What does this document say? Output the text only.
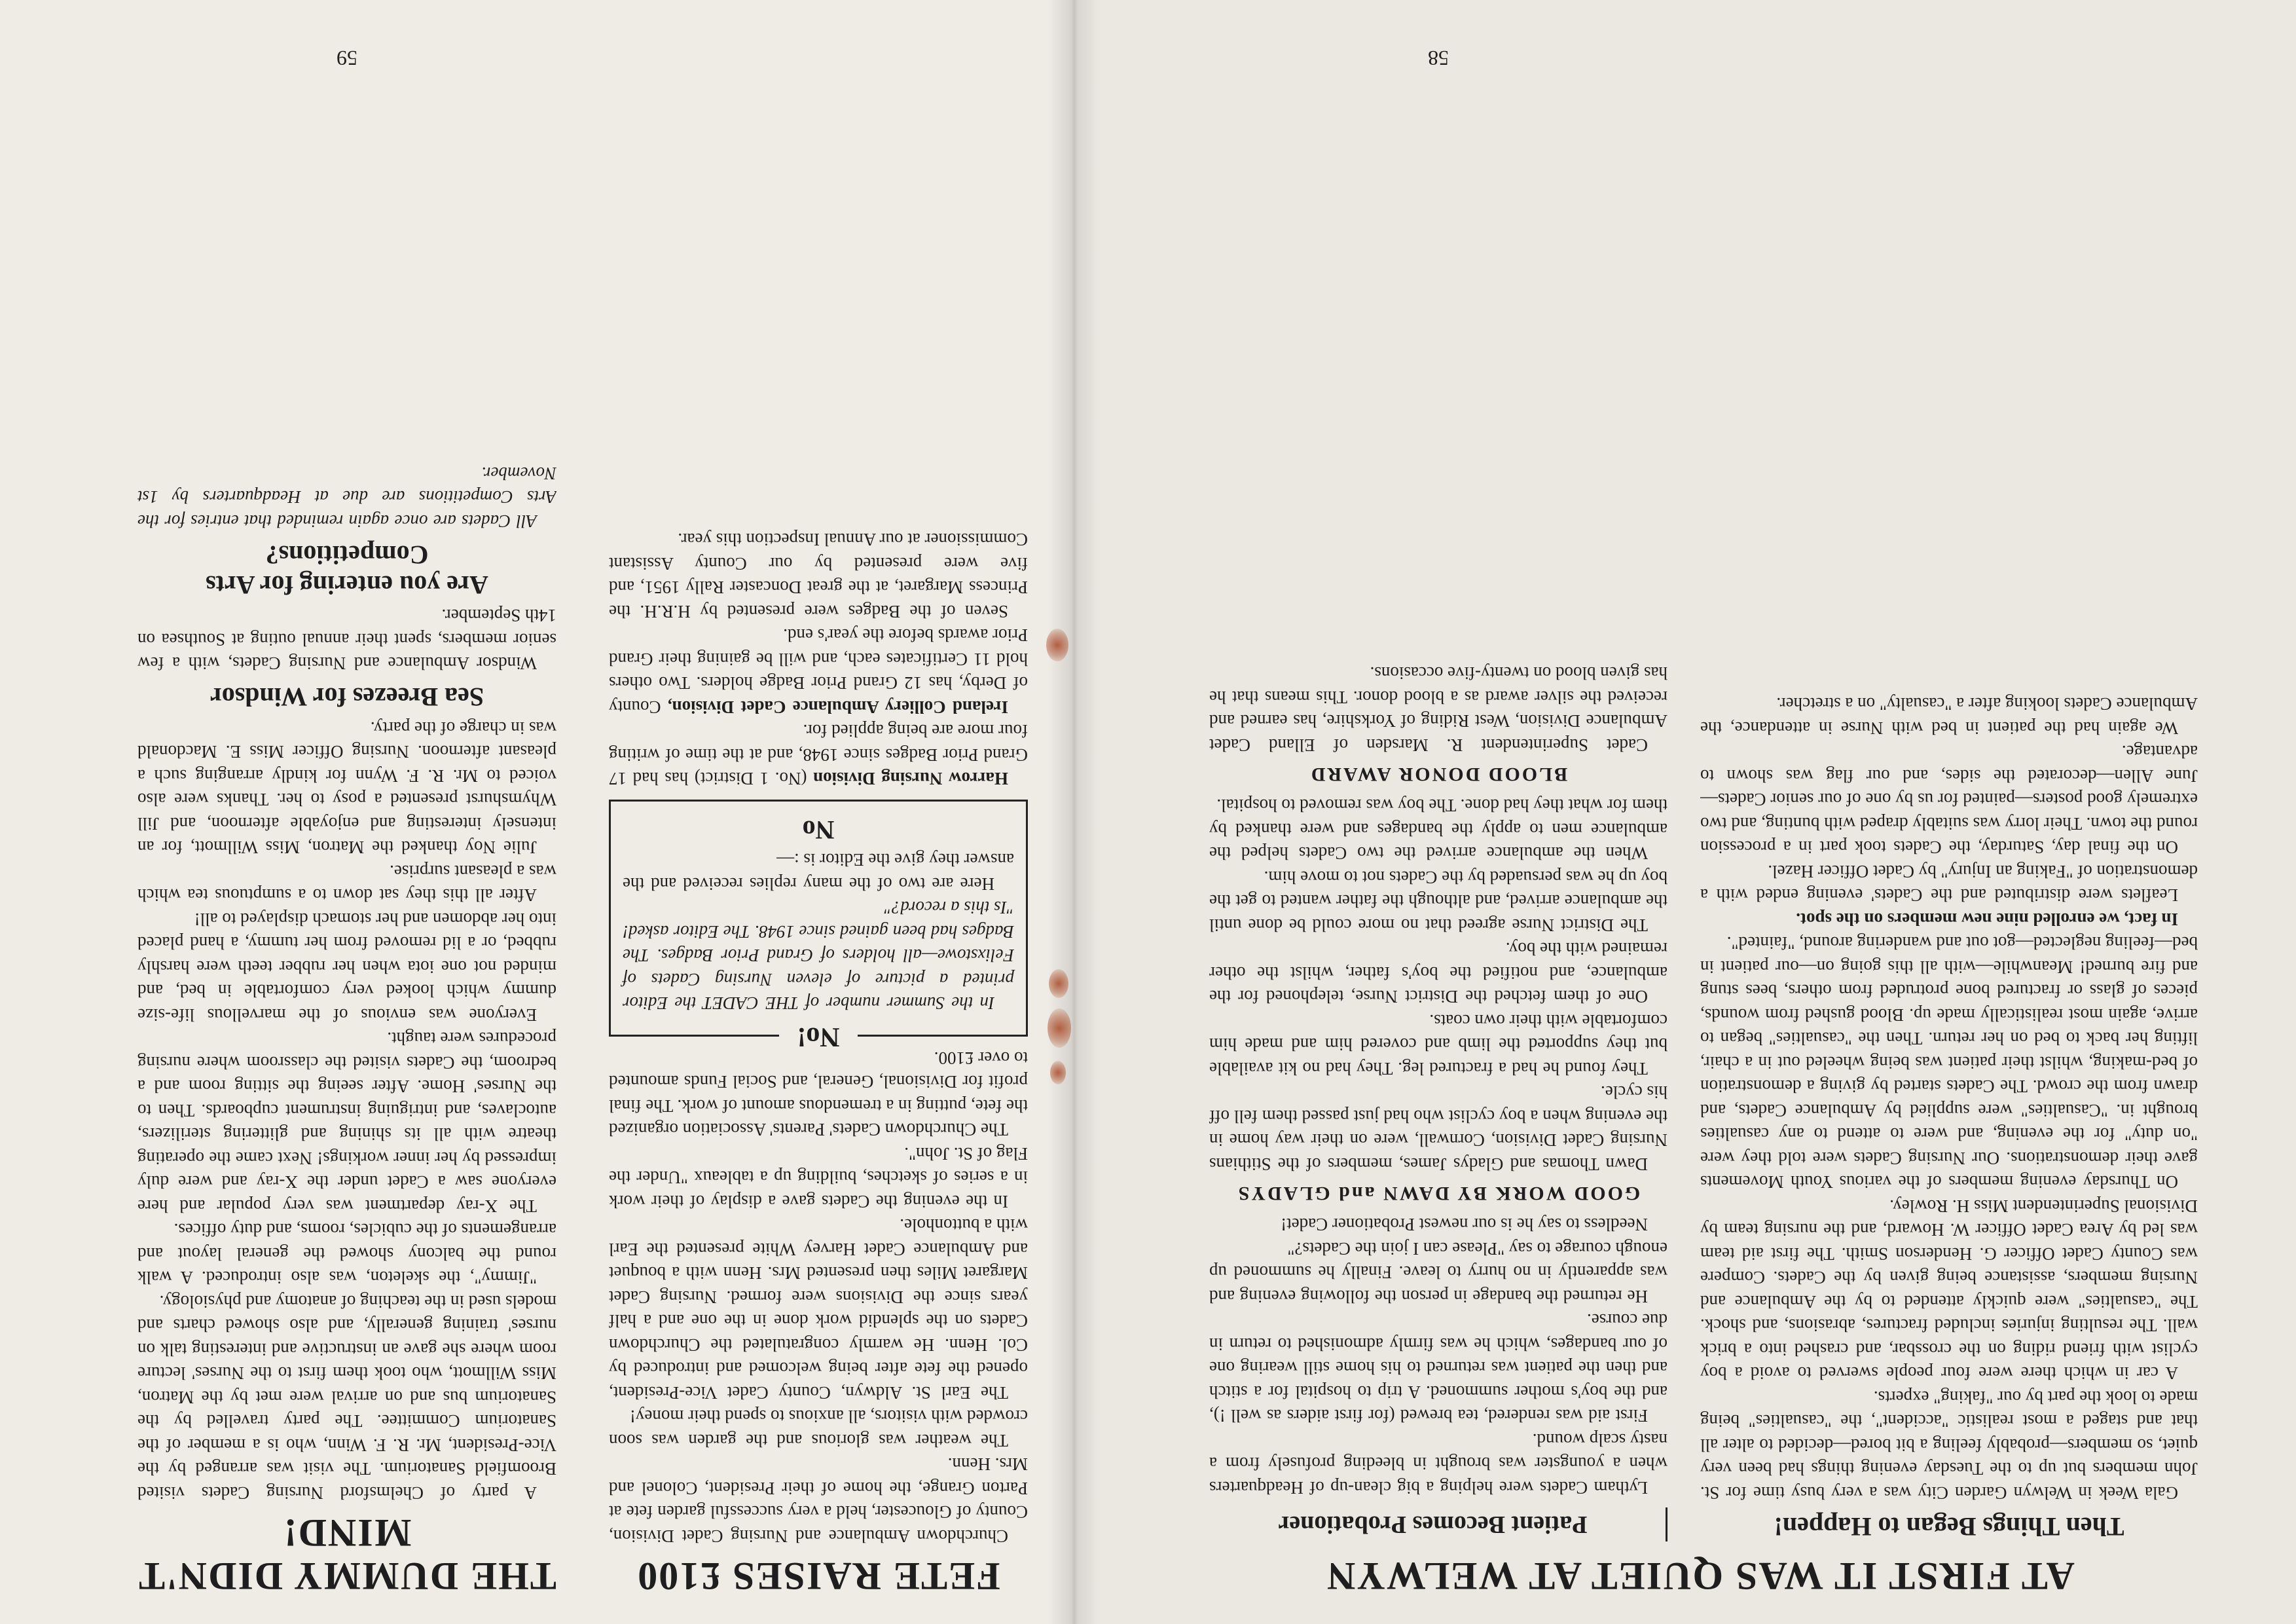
FETE RAISES £100

Churchdown Ambulance and Nursing Cadet Division, County of Gloucester, held a very successful garden fete at Parton Grange, the home of their President, Colonel and Mrs. Henn.

The weather was glorious and the garden was soon crowded with visitors, all anxious to spend their money!

The Earl St. Aldwyn, County Cadet Vice-President, opened the fete after being welcomed and introduced by Col. Henn. He warmly congratulated the Churchdown Cadets on the splendid work done in the one and a half years since the Divisions were formed. Nursing Cadet Margaret Miles then presented Mrs. Henn with a bouquet and Ambulance Cadet Harvey White presented the Earl with a buttonhole.

In the evening the Cadets gave a display of their work in a series of sketches, building up a tableaux "Under the Flag of St. John".

The Churchdown Cadets' Parents' Association organized the fete, putting in a tremendous amount of work. The final profit for Divisional, General, and Social Funds amounted to over £100.

No!

In the Summer number of THE CADET the Editor printed a picture of eleven Nursing Cadets of Felixstowe—all holders of Grand Prior Badges. The Badges had been gained since 1948. The Editor asked! "Is this a record?"

Here are two of the many replies received and the answer they give the Editor is :—

No

Harrow Nursing Division (No. 1 District) has had 17 Grand Prior Badges since 1948, and at the time of writing four more are being applied for.

Ireland Colliery Ambulance Cadet Division, County of Derby, has 12 Grand Prior Badge holders. Two others hold 11 Certificates each, and will be gaining their Grand Prior awards before the year's end.

Seven of the Badges were presented by H.R.H. the Princess Margaret, at the great Doncaster Rally 1951, and five were presented by our County Assistant Commissioner at our Annual Inspection this year.

THE DUMMY DIDN'T MIND!

A party of Chelmsford Nursing Cadets visited Broomfield Sanatorium. The visit was arranged by the Vice-President, Mr. R. F. Winn, who is a member of the Sanatorium Committee. The party travelled by the Sanatorium bus and on arrival were met by the Matron, Miss Willmott, who took them first to the Nurses' lecture room where she gave an instructive and interesting talk on nurses' training generally, and also showed charts and models used in the teaching of anatomy and physiology.

"Jimmy", the skeleton, was also introduced. A walk round the balcony showed the general layout and arrangements of the cubicles, rooms, and duty offices.

The X-ray department was very popular and here everyone saw a Cadet under the X-ray and were duly impressed by her inner workings! Next came the operating theatre with all its shining and glittering sterilizers, autoclaves, and intriguing instrument cupboards. Then to the Nurses' Home. After seeing the sitting room and a bedroom, the Cadets visited the classroom where nursing procedures were taught.

Everyone was envious of the marvellous life-size dummy which looked very comfortable in bed, and minded not one iota when her rubber teeth were harshly rubbed, or a lid removed from her tummy, a hand placed into her abdomen and her stomach displayed to all!

After all this they sat down to a sumptuous tea which was a pleasant surprise.

Julie Noy thanked the Matron, Miss Willmott, for an intensely interesting and enjoyable afternoon, and Jill Whymshurst presented a posy to her. Thanks were also voiced to Mr. R. F. Wynn for kindly arranging such a pleasant afternoon. Nursing Officer Miss E. Macdonald was in charge of the party.

Sea Breezes for Windsor

Windsor Ambulance and Nursing Cadets, with a few senior members, spent their annual outing at Southsea on 14th September.

Are you entering for Arts Competitions?

All Cadets are once again reminded that entries for the Arts Competitions are due at Headquarters by 1st November.

59
AT FIRST IT WAS QUIET AT WELWYN
Then Things Began to Happen!

Gala Week in Welwyn Garden City was a very busy time for St. John members but up to the Tuesday evening things had been very quiet, so members—probably feeling a bit bored—decided to alter all that and staged a most realistic "accident", the "casualties" being made to look the part by our "faking" experts.

A car in which there were four people swerved to avoid a boy cyclist with friend riding on the crossbar, and crashed into a brick wall. The resulting injuries included fractures, abrasions, and shock. The "casualties" were quickly attended to by the Ambulance and Nursing members, assistance being given by the Cadets. Compere was County Cadet Officer G. Henderson Smith. The first aid team was led by Area Cadet Officer W. Howard, and the nursing team by Divisional Superintendent Miss H. Rowley.

On Thursday evening members of the various Youth Movements gave their demonstrations. Our Nursing Cadets were told they were "on duty" for the evening, and were to attend to any casualties brought in. "Casualties" were supplied by Ambulance Cadets, and drawn from the crowd. The Cadets started by giving a demonstration of bed-making, whilst their patient was being wheeled out in a chair, lifting her back to bed on her return. Then the "casualties" began to arrive, again most realistically made up. Blood gushed from wounds, pieces of glass or fractured bone protruded from others, bees stung and fire burned! Meanwhile—with all this going on—our patient in bed—feeling neglected—got out and wandering around, "fainted".

In fact, we enrolled nine new members on the spot.

Leaflets were distributed and the Cadets' evening ended with a demonstration of "Faking an Injury" by Cadet Officer Hazel.

On the final day, Saturday, the Cadets took part in a procession round the town. Their lorry was suitably draped with bunting, and two extremely good posters—painted for us by one of our senior Cadets—June Allen—decorated the sides, and our flag was shown to advantage.

We again had the patient in bed with Nurse in attendance, the Ambulance Cadets looking after a "casualty" on a stretcher.

Patient Becomes Probationer

Lytham Cadets were helping a big clean-up of Headquarters when a youngster was brought in bleeding profusely from a nasty scalp wound.

First aid was rendered, tea brewed (for first aiders as well !), and the boy's mother summoned. A trip to hospital for a stitch and then the patient was returned to his home still wearing one of our bandages, which he was firmly admonished to return in due course.

He returned the bandage in person the following evening and was apparently in no hurry to leave. Finally he summoned up enough courage to say "Please can I join the Cadets?"

Needless to say he is our newest Probationer Cadet!

GOOD WORK BY DAWN and GLADYS

Dawn Thomas and Gladys James, members of the Stithians Nursing Cadet Division, Cornwall, were on their way home in the evening when a boy cyclist who had just passed them fell off his cycle.

They found he had a fractured leg. They had no kit available but they supported the limb and covered him and made him comfortable with their own coats.

One of them fetched the District Nurse, telephoned for the ambulance, and notified the boy's father, whilst the other remained with the boy.

The District Nurse agreed that no more could be done until the ambulance arrived, and although the father wanted to get the boy up he was persuaded by the Cadets not to move him.

When the ambulance arrived the two Cadets helped the ambulance men to apply the bandages and were thanked by them for what they had done. The boy was removed to hospital.

BLOOD DONOR AWARD

Cadet Superintendent R. Marsden of Elland Cadet Ambulance Division, West Riding of Yorkshire, has earned and received the silver award as a blood donor. This means that he has given blood on twenty-five occasions.

58
